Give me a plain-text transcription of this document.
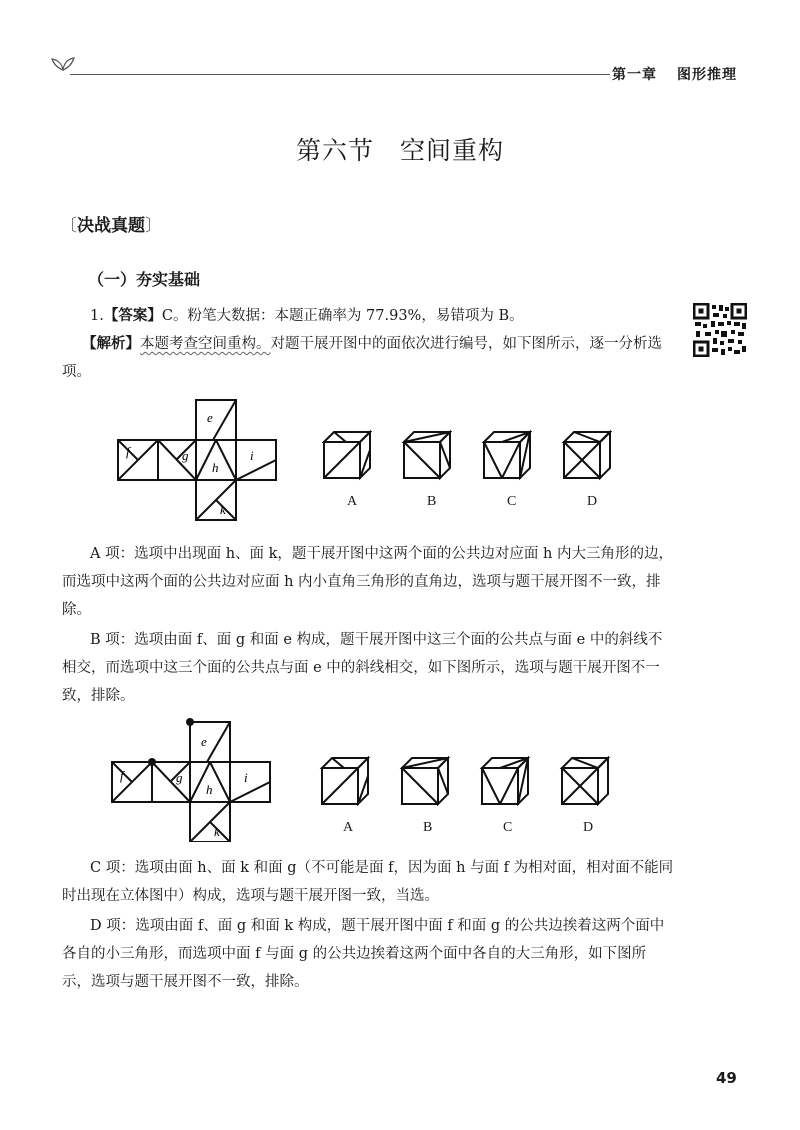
第一章 图形推理
第六节 空间重构
〔决战真题〕
（一）夯实基础
1.【答案】C。粉笔大数据：本题正确率为 77.93%，易错项为 B。
【解析】本题考查空间重构。对题干展开图中的面依次进行编号，如下图所示，逐一分析选项。
e
f	g
h
i
k
A	B	C	D
A 项：选项中出现面 h、面 k，题干展开图中这两个面的公共边对应面 h 内大三角形的边，而选项中这两个面的公共边对应面 h 内小直角三角形的直角边，选项与题干展开图不一致，排除。
B 项：选项由面 f、面 g 和面 e 构成，题干展开图中这三个面的公共点与面 e 中的斜线不相交，而选项中这三个面的公共点与面 e 中的斜线相交，如下图所示，选项与题干展开图不一致，排除。
e
f	g
h
i
k	A	B	C	D
C 项：选项由面 h、面 k 和面 g（不可能是面 f，因为面 h 与面 f 为相对面，相对面不能同时出现在立体图中）构成，选项与题干展开图一致，当选。
D 项：选项由面 f、面 g 和面 k 构成，题干展开图中面 f 和面 g 的公共边挨着这两个面中各自的小三角形，而选项中面 f 与面 g 的公共边挨着这两个面中各自的大三角形，如下图所示，选项与题干展开图不一致，排除。
49
